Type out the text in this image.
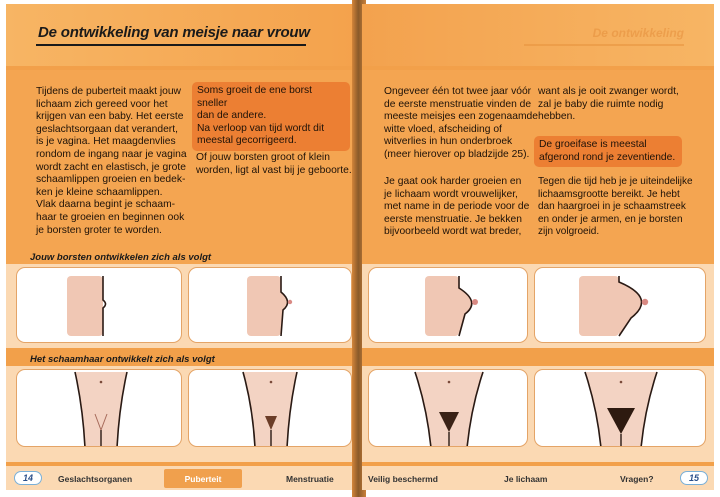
De ontwikkeling van meisje naar vrouw
Tijdens de puberteit maakt jouw
lichaam zich gereed voor het
krijgen van een baby. Het eerste
geslachtsorgaan dat verandert,
is je vagina. Het maagdenvlies
rondom de ingang naar je vagina
wordt zacht en elastisch, je grote
schaamlippen groeien en bedek-
ken je kleine schaamlippen.
Vlak daarna begint je schaam-
haar te groeien en beginnen ook
je borsten groter te worden.
Soms groeit de ene borst sneller
dan de andere.
Na verloop van tijd wordt dit
meestal gecorrigeerd.
Of jouw borsten groot of klein
worden, ligt al vast bij je geboorte.
Jouw borsten ontwikkelen zich als volgt
Het schaamhaar ontwikkelt zich als volgt
14	Geslachtsorganen	Puberteit	Menstruatie
De ontwikkeling
Ongeveer één tot twee jaar vóór
de eerste menstruatie vinden de
meeste meisjes een zogenaamde
witte vloed, afscheiding of
witverlies in hun onderbroek
(meer hierover op bladzijde 25).
Je gaat ook harder groeien en
je lichaam wordt vrouwelijker,
met name in de periode voor de
eerste menstruatie. Je bekken
bijvoorbeeld wordt wat breder,
want als je ooit zwanger wordt,
zal je baby die ruimte nodig
hebben.
De groeifase is meestal
afgerond rond je zeventiende.
Tegen die tijd heb je je uiteindelijke
lichaamsgrootte bereikt. Je hebt
dan haargroei in je schaamstreek
en onder je armen, en je borsten
zijn volgroeid.
Veilig beschermd	Je lichaam	Vragen?	15
